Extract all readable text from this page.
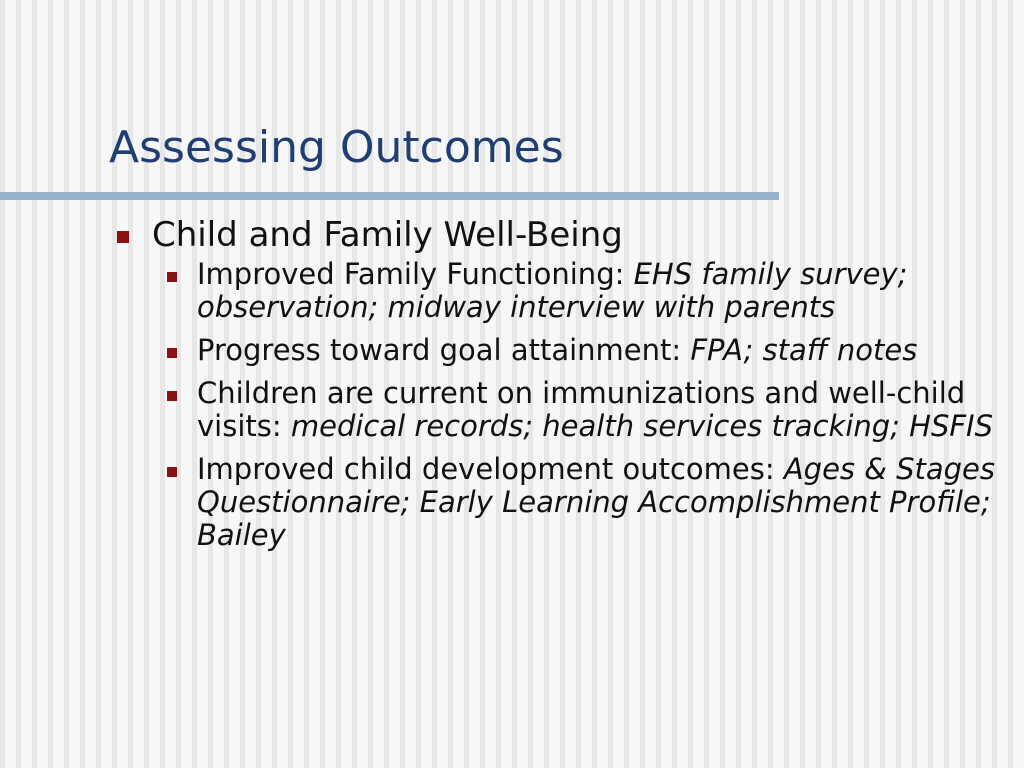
Assessing Outcomes
Child and Family Well-Being
Improved Family Functioning: EHS family survey; observation; midway interview with parents
Progress toward goal attainment: FPA; staff notes
Children are current on immunizations and well-child visits: medical records; health services tracking; HSFIS
Improved child development outcomes: Ages & Stages Questionnaire; Early Learning Accomplishment Profile; Bailey
